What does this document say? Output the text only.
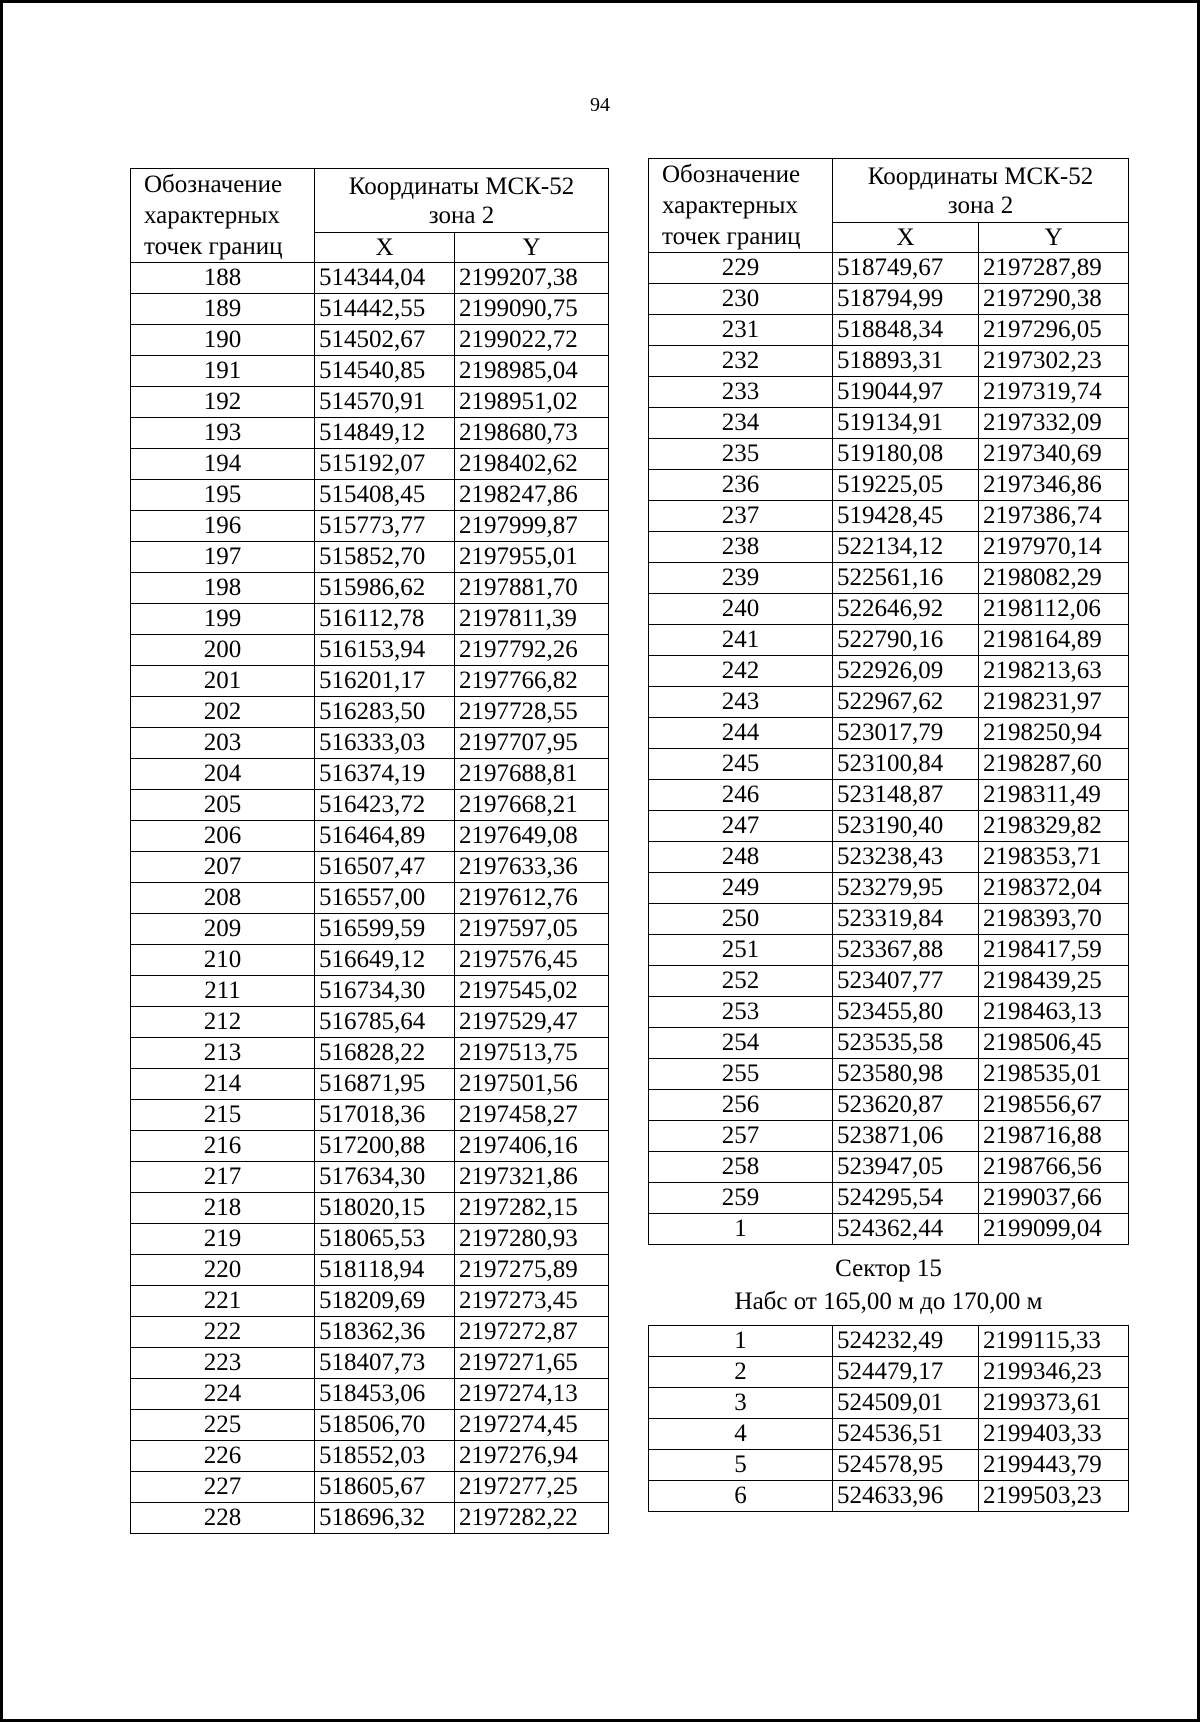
94
Обозначение характерных точек границ	Координаты МСК-52
зона 2	
	X	Y
188	514344,04	2199207,38
189	514442,55	2199090,75
190	514502,67	2199022,72
191	514540,85	2198985,04
192	514570,91	2198951,02
193	514849,12	2198680,73
194	515192,07	2198402,62
195	515408,45	2198247,86
196	515773,77	2197999,87
197	515852,70	2197955,01
198	515986,62	2197881,70
199	516112,78	2197811,39
200	516153,94	2197792,26
201	516201,17	2197766,82
202	516283,50	2197728,55
203	516333,03	2197707,95
204	516374,19	2197688,81
205	516423,72	2197668,21
206	516464,89	2197649,08
207	516507,47	2197633,36
208	516557,00	2197612,76
209	516599,59	2197597,05
210	516649,12	2197576,45
211	516734,30	2197545,02
212	516785,64	2197529,47
213	516828,22	2197513,75
214	516871,95	2197501,56
215	517018,36	2197458,27
216	517200,88	2197406,16
217	517634,30	2197321,86
218	518020,15	2197282,15
219	518065,53	2197280,93
220	518118,94	2197275,89
221	518209,69	2197273,45
222	518362,36	2197272,87
223	518407,73	2197271,65
224	518453,06	2197274,13
225	518506,70	2197274,45
226	518552,03	2197276,94
227	518605,67	2197277,25
228	518696,32	2197282,22
Обозначение характерных точек границ	Координаты МСК-52
зона 2	
	X	Y
229	518749,67	2197287,89
230	518794,99	2197290,38
231	518848,34	2197296,05
232	518893,31	2197302,23
233	519044,97	2197319,74
234	519134,91	2197332,09
235	519180,08	2197340,69
236	519225,05	2197346,86
237	519428,45	2197386,74
238	522134,12	2197970,14
239	522561,16	2198082,29
240	522646,92	2198112,06
241	522790,16	2198164,89
242	522926,09	2198213,63
243	522967,62	2198231,97
244	523017,79	2198250,94
245	523100,84	2198287,60
246	523148,87	2198311,49
247	523190,40	2198329,82
248	523238,43	2198353,71
249	523279,95	2198372,04
250	523319,84	2198393,70
251	523367,88	2198417,59
252	523407,77	2198439,25
253	523455,80	2198463,13
254	523535,58	2198506,45
255	523580,98	2198535,01
256	523620,87	2198556,67
257	523871,06	2198716,88
258	523947,05	2198766,56
259	524295,54	2199037,66
1	524362,44	2199099,04
Сектор 15
Набс от 165,00 м до 170,00 м		
1	524232,49	2199115,33
2	524479,17	2199346,23
3	524509,01	2199373,61
4	524536,51	2199403,33
5	524578,95	2199443,79
6	524633,96	2199503,23
